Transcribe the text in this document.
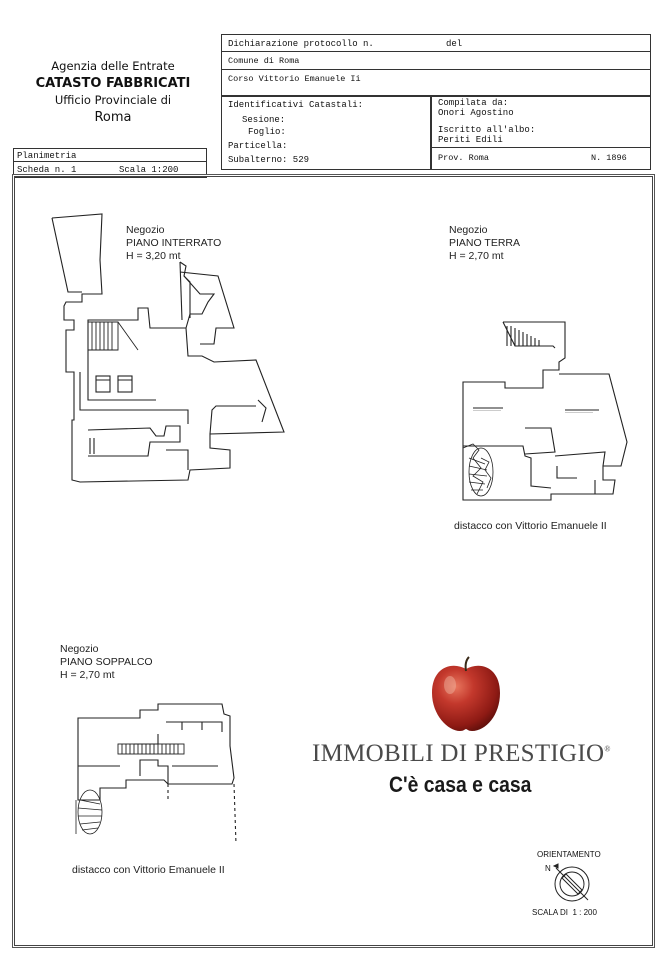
Agenzia delle Entrate
CATASTO FABBRICATI
Ufficio Provinciale di
Roma
Dichiarazione protocollo n.	del
Comune di Roma
Corso Vittorio Emanuele Ii
Identificativi Catastali:
Sesione:
Foglio:
Particella:
Subalterno: 529
Compilata da:
Onori Agostino
Iscritto all'albo:
Periti Edili
Prov. Roma	N. 1896
Planimetria
Scheda n. 1	Scala 1:200
Negozio
PIANO INTERRATO
H = 3,20 mt
Negozio
PIANO TERRA
H = 2,70 mt
Negozio
PIANO SOPPALCO
H = 2,70 mt
distacco con Vittorio Emanuele II
distacco con Vittorio Emanuele II
————————	————————
IMMOBILI DI PRESTIGIO®
C'è casa e casa
ORIENTAMENTO
N
SCALA DI  1 : 200
